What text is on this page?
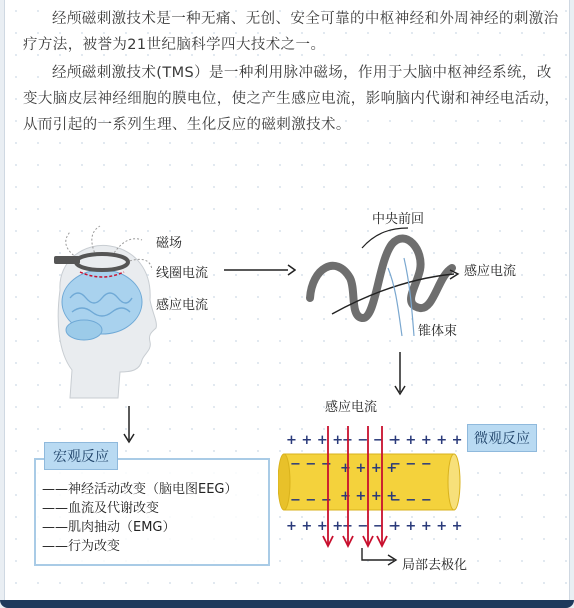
经颅磁刺激技术是一种无痛、无创、安全可靠的中枢神经和外周神经的刺激治疗方法，被誉为21世纪脑科学四大技术之一。

经颅磁刺激技术(TMS）是一种利用脉冲磁场，作用于大脑中枢神经系统，改变大脑皮层神经细胞的膜电位，使之产生感应电流，影响脑内代谢和神经电活动，从而引起的一系列生理、生化反应的磁刺激技术。

磁场
线圈电流
感应电流
中央前回
感应电流
锥体束
宏观反应
——神经活动改变（脑电图EEG）
——血流及代谢改变
——肌肉抽动（EMG）
——行为改变
感应电流
微观反应
+ + + +
− − − −
+ + + + +
− − −	− − −
+ + + +
− − −	− − −
+ + + +
+ + + +
− − − −
+ + + + +
局部去极化
